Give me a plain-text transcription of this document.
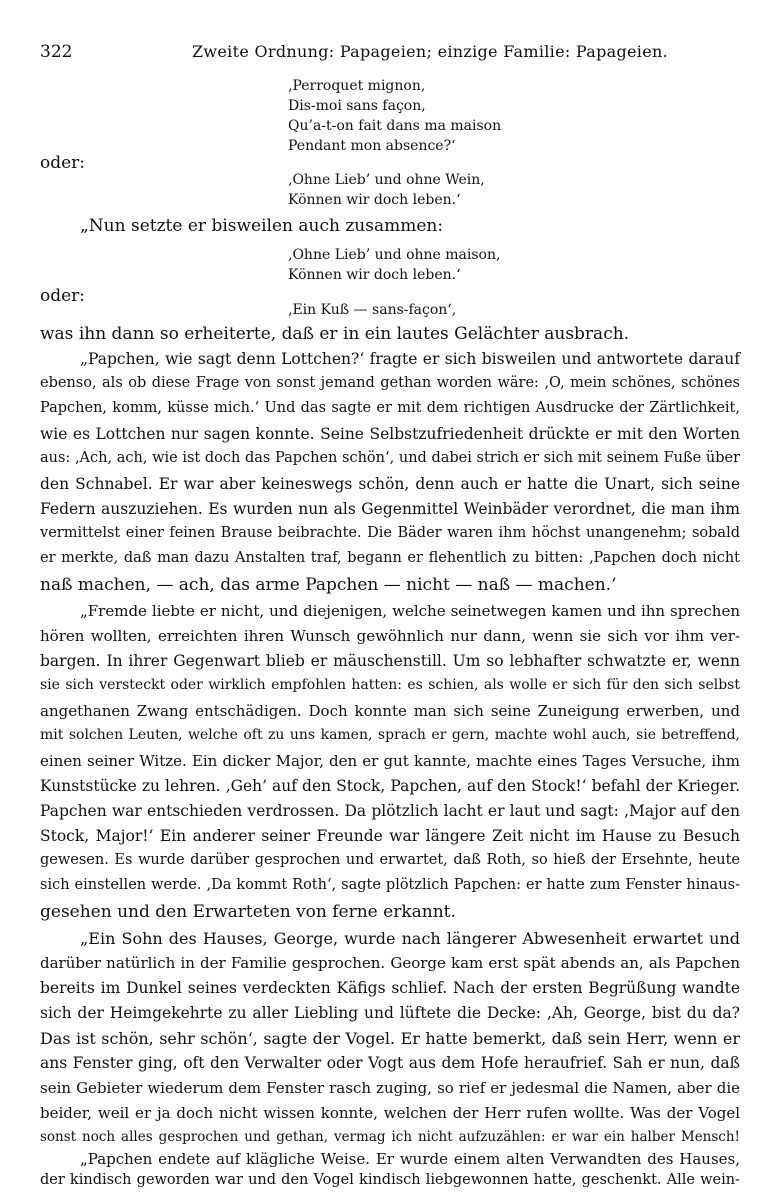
322	Zweite Ordnung: Papageien; einzige Familie: Papageien.
‚Perroquet mignon,
Dis-moi sans façon,
Qu’a-t-on fait dans ma maison
Pendant mon absence?‘
oder:
‚Ohne Lieb’ und ohne Wein,
Können wir doch leben.‘
„Nun setzte er bisweilen auch zusammen:
‚Ohne Lieb’ und ohne maison,
Können wir doch leben.‘
oder:
‚Ein Kuß — sans-façon‘,
was ihn dann so erheiterte, daß er in ein lautes Gelächter ausbrach.
„Papchen, wie sagt denn Lottchen?‘ fragte er sich bisweilen und antwortete darauf
ebenso, als ob diese Frage von sonst jemand gethan worden wäre: ‚O, mein schönes, schönes
Papchen, komm, küsse mich.‘ Und das sagte er mit dem richtigen Ausdrucke der Zärtlichkeit,
wie es Lottchen nur sagen konnte. Seine Selbstzufriedenheit drückte er mit den Worten
aus: ‚Ach, ach, wie ist doch das Papchen schön‘, und dabei strich er sich mit seinem Fuße über
den Schnabel. Er war aber keineswegs schön, denn auch er hatte die Unart, sich seine
Federn auszuziehen. Es wurden nun als Gegenmittel Weinbäder verordnet, die man ihm
vermittelst einer feinen Brause beibrachte. Die Bäder waren ihm höchst unangenehm; sobald
er merkte, daß man dazu Anstalten traf, begann er flehentlich zu bitten: ‚Papchen doch nicht
naß machen, — ach, das arme Papchen — nicht — naß — machen.‘
„Fremde liebte er nicht, und diejenigen, welche seinetwegen kamen und ihn sprechen
hören wollten, erreichten ihren Wunsch gewöhnlich nur dann, wenn sie sich vor ihm ver-
bargen. In ihrer Gegenwart blieb er mäuschenstill. Um so lebhafter schwatzte er, wenn
sie sich versteckt oder wirklich empfohlen hatten: es schien, als wolle er sich für den sich selbst
angethanen Zwang entschädigen. Doch konnte man sich seine Zuneigung erwerben, und
mit solchen Leuten, welche oft zu uns kamen, sprach er gern, machte wohl auch, sie betreffend,
einen seiner Witze. Ein dicker Major, den er gut kannte, machte eines Tages Versuche, ihm
Kunststücke zu lehren. ‚Geh’ auf den Stock, Papchen, auf den Stock!‘ befahl der Krieger.
Papchen war entschieden verdrossen. Da plötzlich lacht er laut und sagt: ‚Major auf den
Stock, Major!‘ Ein anderer seiner Freunde war längere Zeit nicht im Hause zu Besuch
gewesen. Es wurde darüber gesprochen und erwartet, daß Roth, so hieß der Ersehnte, heute
sich einstellen werde. ‚Da kommt Roth‘, sagte plötzlich Papchen: er hatte zum Fenster hinaus-
gesehen und den Erwarteten von ferne erkannt.
„Ein Sohn des Hauses, George, wurde nach längerer Abwesenheit erwartet und
darüber natürlich in der Familie gesprochen. George kam erst spät abends an, als Papchen
bereits im Dunkel seines verdeckten Käfigs schlief. Nach der ersten Begrüßung wandte
sich der Heimgekehrte zu aller Liebling und lüftete die Decke: ‚Ah, George, bist du da?
Das ist schön, sehr schön‘, sagte der Vogel. Er hatte bemerkt, daß sein Herr, wenn er
ans Fenster ging, oft den Verwalter oder Vogt aus dem Hofe heraufrief. Sah er nun, daß
sein Gebieter wiederum dem Fenster rasch zuging, so rief er jedesmal die Namen, aber die
beider, weil er ja doch nicht wissen konnte, welchen der Herr rufen wollte. Was der Vogel
sonst noch alles gesprochen und gethan, vermag ich nicht aufzuzählen: er war ein halber Mensch!
„Papchen endete auf klägliche Weise. Er wurde einem alten Verwandten des Hauses,
der kindisch geworden war und den Vogel kindisch liebgewonnen hatte, geschenkt. Alle wein-
